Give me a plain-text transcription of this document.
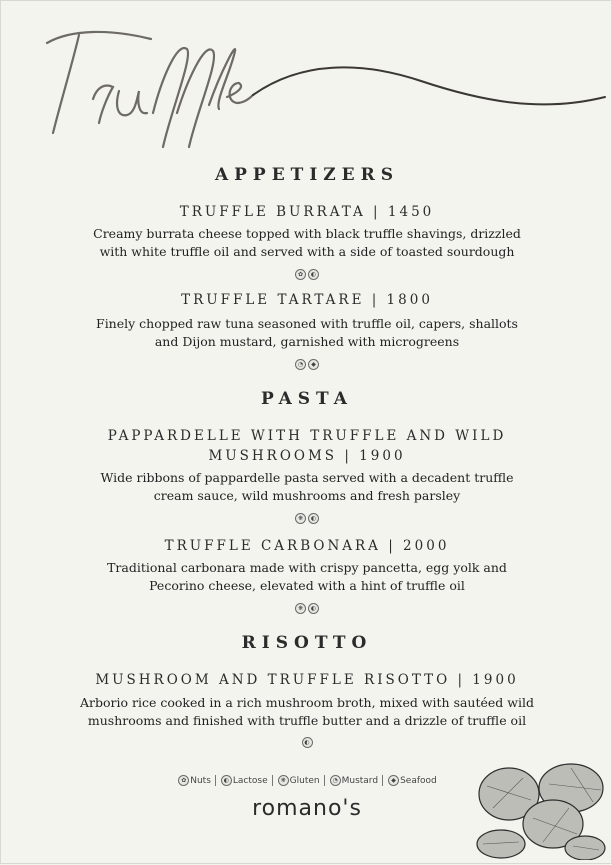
APPETIZERS
TRUFFLE BURRATA | 1450
Creamy burrata cheese topped with black truffle shavings, drizzled
with white truffle oil and served with a side of toasted sourdough
✿ ◐
TRUFFLE TARTARE | 1800
Finely chopped raw tuna seasoned with truffle oil, capers, shallots
and Dijon mustard, garnished with microgreens
◔ ◆
PASTA
PAPPARDELLE WITH TRUFFLE AND WILD
MUSHROOMS | 1900
Wide ribbons of pappardelle pasta served with a decadent truffle
cream sauce, wild mushrooms and fresh parsley
❋ ◐
TRUFFLE CARBONARA | 2000
Traditional carbonara made with crispy pancetta, egg yolk and
Pecorino cheese, elevated with a hint of truffle oil
❋ ◐
RISOTTO
MUSHROOM AND TRUFFLE RISOTTO | 1900
Arborio rice cooked in a rich mushroom broth, mixed with sautéed wild
mushrooms and finished with truffle butter and a drizzle of truffle oil
◐
✿ Nuts ◐ Lactose ❋ Gluten ◔ Mustard ◆ Seafood
romano's
